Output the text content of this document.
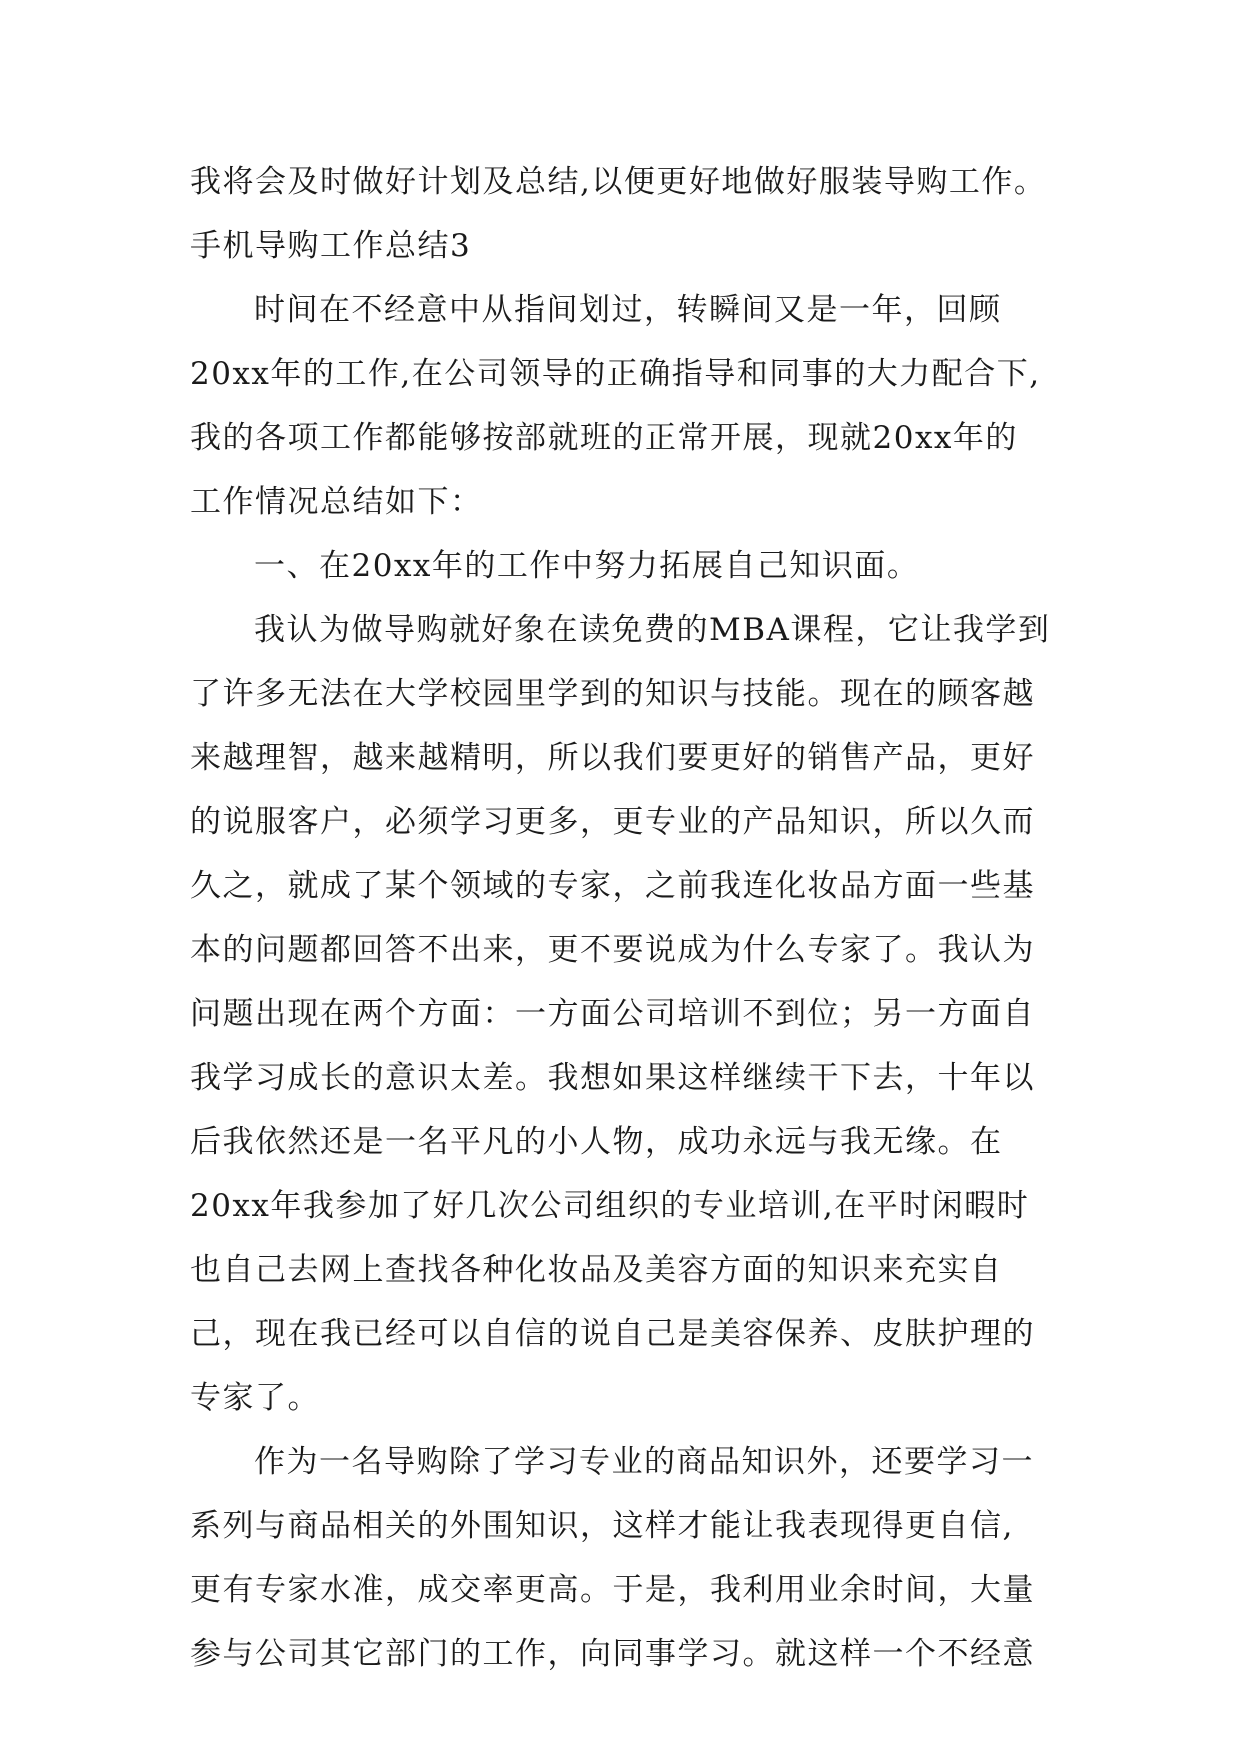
我将会及时做好计划及总结,以便更好地做好服装导购工作。
手机导购工作总结3
时间在不经意中从指间划过，转瞬间又是一年，回顾
20xx年的工作,在公司领导的正确指导和同事的大力配合下,
我的各项工作都能够按部就班的正常开展，现就20xx年的
工作情况总结如下：
一、在20xx年的工作中努力拓展自己知识面。
我认为做导购就好象在读免费的MBA课程，它让我学到
了许多无法在大学校园里学到的知识与技能。现在的顾客越
来越理智，越来越精明，所以我们要更好的销售产品，更好
的说服客户，必须学习更多，更专业的产品知识，所以久而
久之，就成了某个领域的专家，之前我连化妆品方面一些基
本的问题都回答不出来，更不要说成为什么专家了。我认为
问题出现在两个方面：一方面公司培训不到位；另一方面自
我学习成长的意识太差。我想如果这样继续干下去，十年以
后我依然还是一名平凡的小人物，成功永远与我无缘。在
20xx年我参加了好几次公司组织的专业培训,在平时闲暇时
也自己去网上查找各种化妆品及美容方面的知识来充实自
己，现在我已经可以自信的说自己是美容保养、皮肤护理的
专家了。
作为一名导购除了学习专业的商品知识外，还要学习一
系列与商品相关的外围知识，这样才能让我表现得更自信,
更有专家水准，成交率更高。于是，我利用业余时间，大量
参与公司其它部门的工作，向同事学习。就这样一个不经意
